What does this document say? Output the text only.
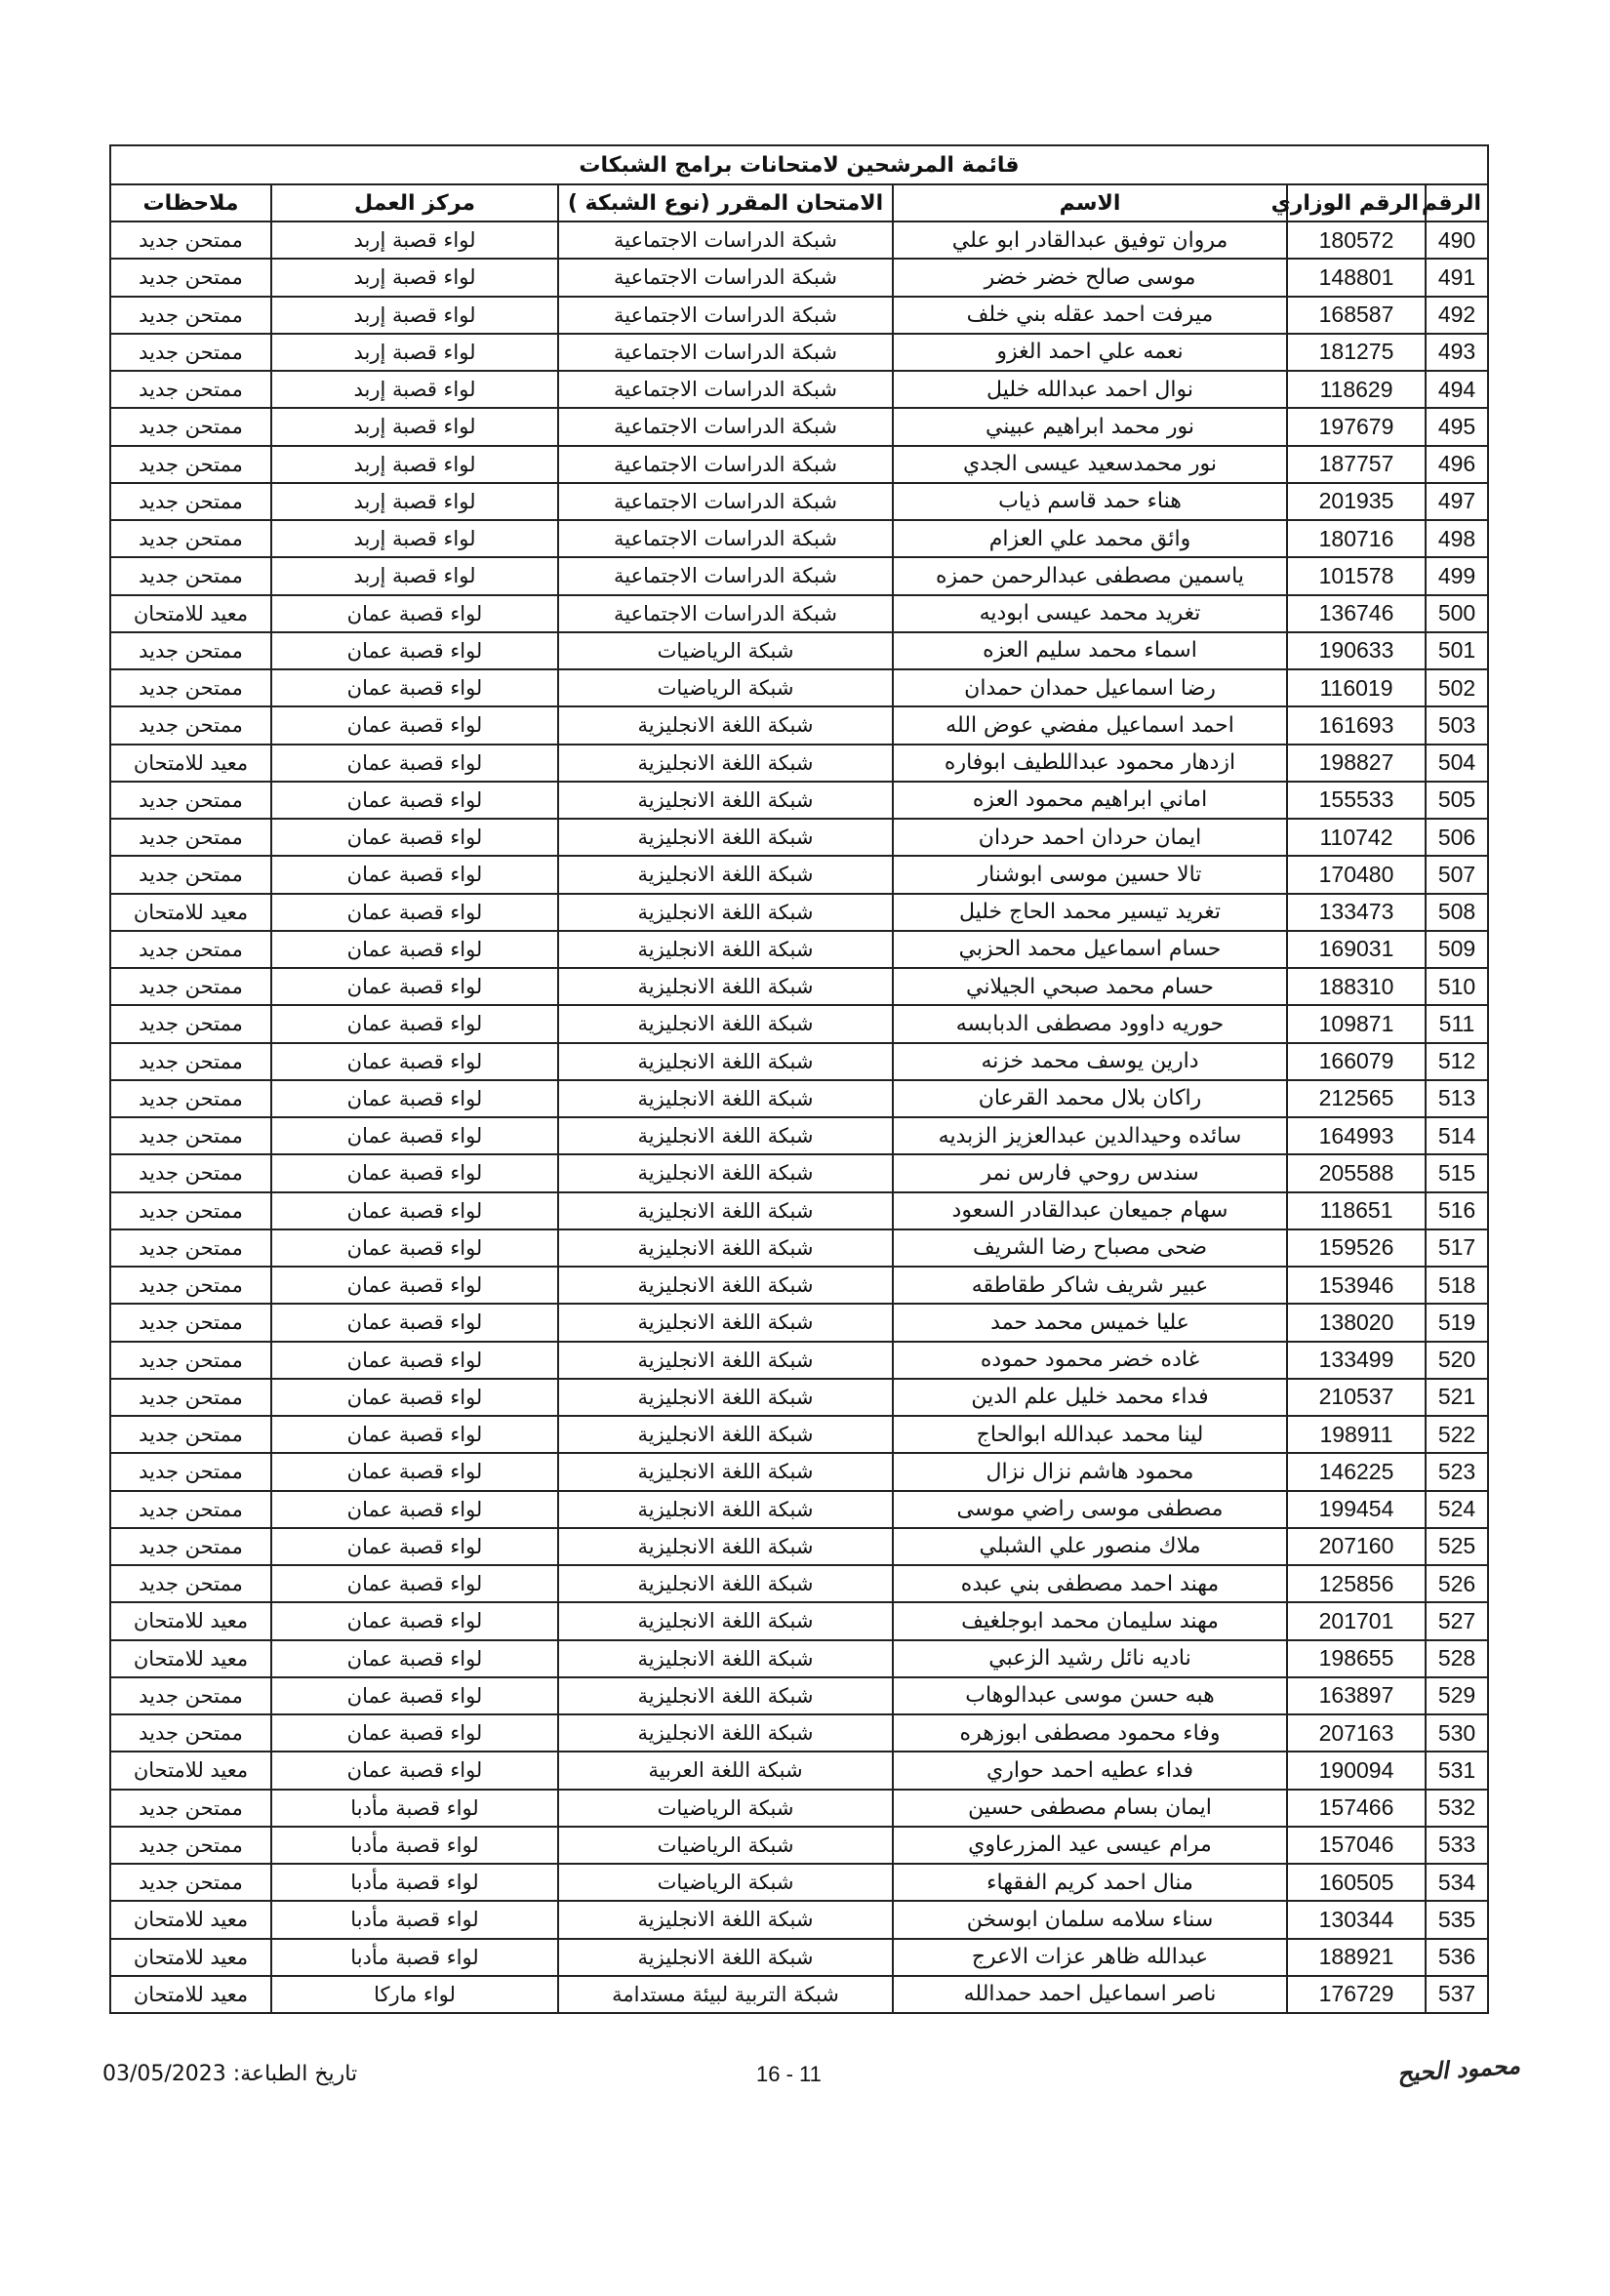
قائمة المرشحين لامتحانات برامج الشبكات					
الرقم	الرقم الوزاري	الاسم	الامتحان المقرر (نوع الشبكة )	مركز العمل	ملاحظات
490	180572	مروان توفيق عبدالقادر ابو علي	شبكة الدراسات الاجتماعية	لواء قصبة إربد	ممتحن جديد
491	148801	موسى صالح خضر خضر	شبكة الدراسات الاجتماعية	لواء قصبة إربد	ممتحن جديد
492	168587	ميرفت احمد عقله بني خلف	شبكة الدراسات الاجتماعية	لواء قصبة إربد	ممتحن جديد
493	181275	نعمه علي احمد الغزو	شبكة الدراسات الاجتماعية	لواء قصبة إربد	ممتحن جديد
494	118629	نوال احمد عبدالله خليل	شبكة الدراسات الاجتماعية	لواء قصبة إربد	ممتحن جديد
495	197679	نور محمد ابراهيم عبيني	شبكة الدراسات الاجتماعية	لواء قصبة إربد	ممتحن جديد
496	187757	نور محمدسعيد عيسى الجدي	شبكة الدراسات الاجتماعية	لواء قصبة إربد	ممتحن جديد
497	201935	هناء حمد قاسم ذياب	شبكة الدراسات الاجتماعية	لواء قصبة إربد	ممتحن جديد
498	180716	وائق محمد علي العزام	شبكة الدراسات الاجتماعية	لواء قصبة إربد	ممتحن جديد
499	101578	ياسمين مصطفى عبدالرحمن حمزه	شبكة الدراسات الاجتماعية	لواء قصبة إربد	ممتحن جديد
500	136746	تغريد محمد عيسى ابوديه	شبكة الدراسات الاجتماعية	لواء قصبة عمان	معيد للامتحان
501	190633	اسماء محمد سليم العزه	شبكة الرياضيات	لواء قصبة عمان	ممتحن جديد
502	116019	رضا اسماعيل حمدان حمدان	شبكة الرياضيات	لواء قصبة عمان	ممتحن جديد
503	161693	احمد اسماعيل مفضي عوض الله	شبكة اللغة الانجليزية	لواء قصبة عمان	ممتحن جديد
504	198827	ازدهار محمود عبداللطيف ابوفاره	شبكة اللغة الانجليزية	لواء قصبة عمان	معيد للامتحان
505	155533	اماني ابراهيم محمود العزه	شبكة اللغة الانجليزية	لواء قصبة عمان	ممتحن جديد
506	110742	ايمان حردان احمد حردان	شبكة اللغة الانجليزية	لواء قصبة عمان	ممتحن جديد
507	170480	تالا حسين موسى ابوشنار	شبكة اللغة الانجليزية	لواء قصبة عمان	ممتحن جديد
508	133473	تغريد تيسير محمد الحاج خليل	شبكة اللغة الانجليزية	لواء قصبة عمان	معيد للامتحان
509	169031	حسام اسماعيل محمد الحزبي	شبكة اللغة الانجليزية	لواء قصبة عمان	ممتحن جديد
510	188310	حسام محمد صبحي الجيلاني	شبكة اللغة الانجليزية	لواء قصبة عمان	ممتحن جديد
511	109871	حوريه داوود مصطفى الدبابسه	شبكة اللغة الانجليزية	لواء قصبة عمان	ممتحن جديد
512	166079	دارين يوسف محمد خزنه	شبكة اللغة الانجليزية	لواء قصبة عمان	ممتحن جديد
513	212565	راكان بلال محمد القرعان	شبكة اللغة الانجليزية	لواء قصبة عمان	ممتحن جديد
514	164993	سائده وحيدالدين عبدالعزيز الزبديه	شبكة اللغة الانجليزية	لواء قصبة عمان	ممتحن جديد
515	205588	سندس روحي فارس نمر	شبكة اللغة الانجليزية	لواء قصبة عمان	ممتحن جديد
516	118651	سهام جميعان عبدالقادر السعود	شبكة اللغة الانجليزية	لواء قصبة عمان	ممتحن جديد
517	159526	ضحى مصباح رضا الشريف	شبكة اللغة الانجليزية	لواء قصبة عمان	ممتحن جديد
518	153946	عبير شريف شاكر طقاطقه	شبكة اللغة الانجليزية	لواء قصبة عمان	ممتحن جديد
519	138020	عليا خميس محمد حمد	شبكة اللغة الانجليزية	لواء قصبة عمان	ممتحن جديد
520	133499	غاده خضر محمود حموده	شبكة اللغة الانجليزية	لواء قصبة عمان	ممتحن جديد
521	210537	فداء محمد خليل علم الدين	شبكة اللغة الانجليزية	لواء قصبة عمان	ممتحن جديد
522	198911	لينا محمد عبدالله ابوالحاج	شبكة اللغة الانجليزية	لواء قصبة عمان	ممتحن جديد
523	146225	محمود هاشم نزال نزال	شبكة اللغة الانجليزية	لواء قصبة عمان	ممتحن جديد
524	199454	مصطفى موسى راضي موسى	شبكة اللغة الانجليزية	لواء قصبة عمان	ممتحن جديد
525	207160	ملاك منصور علي الشبلي	شبكة اللغة الانجليزية	لواء قصبة عمان	ممتحن جديد
526	125856	مهند احمد مصطفى بني عبده	شبكة اللغة الانجليزية	لواء قصبة عمان	ممتحن جديد
527	201701	مهند سليمان محمد ابوجلغيف	شبكة اللغة الانجليزية	لواء قصبة عمان	معيد للامتحان
528	198655	ناديه نائل رشيد الزعبي	شبكة اللغة الانجليزية	لواء قصبة عمان	معيد للامتحان
529	163897	هبه حسن موسى عبدالوهاب	شبكة اللغة الانجليزية	لواء قصبة عمان	ممتحن جديد
530	207163	وفاء محمود مصطفى ابوزهره	شبكة اللغة الانجليزية	لواء قصبة عمان	ممتحن جديد
531	190094	فداء عطيه احمد حواري	شبكة اللغة العربية	لواء قصبة عمان	معيد للامتحان
532	157466	ايمان بسام مصطفى حسين	شبكة الرياضيات	لواء قصبة مأدبا	ممتحن جديد
533	157046	مرام عيسى عيد المزرعاوي	شبكة الرياضيات	لواء قصبة مأدبا	ممتحن جديد
534	160505	منال احمد كريم الفقهاء	شبكة الرياضيات	لواء قصبة مأدبا	ممتحن جديد
535	130344	سناء سلامه سلمان ابوسخن	شبكة اللغة الانجليزية	لواء قصبة مأدبا	معيد للامتحان
536	188921	عبدالله ظاهر عزات الاعرج	شبكة اللغة الانجليزية	لواء قصبة مأدبا	معيد للامتحان
537	176729	ناصر اسماعيل احمد حمدالله	شبكة التربية لبيئة مستدامة	لواء ماركا	معيد للامتحان
تاريخ الطباعة: 03/05/2023	16 - 11	محمود الحيح
